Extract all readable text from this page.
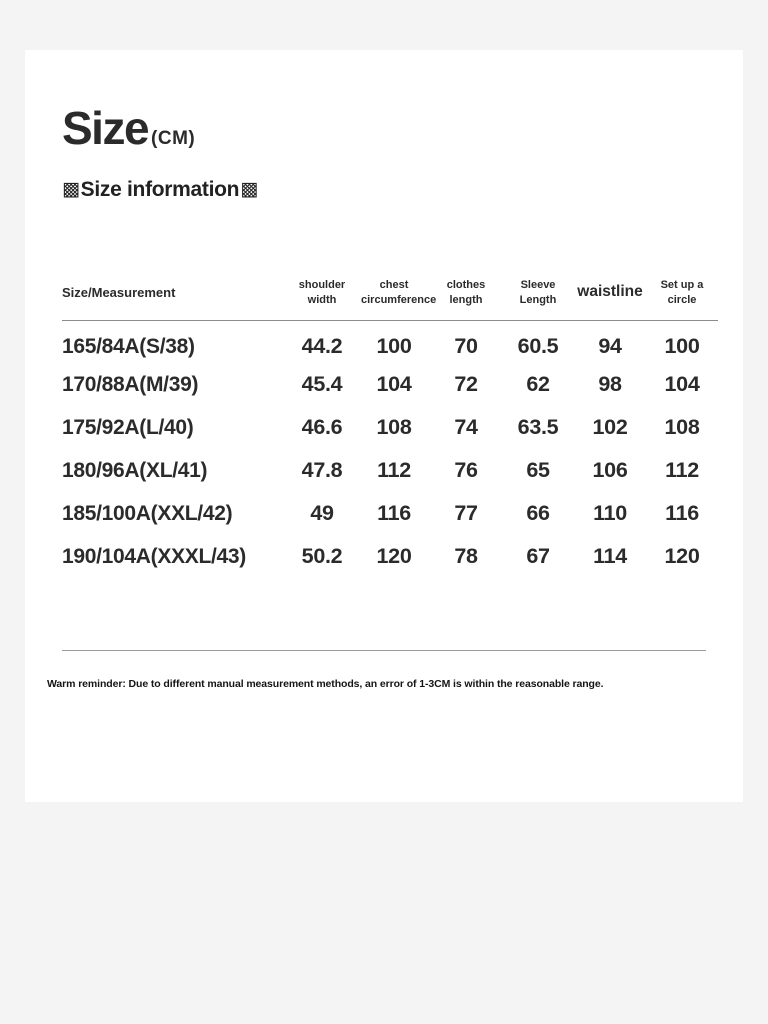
Size (CM)
▩ Size information ▩
Size/Measurement	shoulder width	chest circumference	clothes length	Sleeve Length	waistline	Set up a circle
165/84A(S/38)	44.2	100	70	60.5	94	100
170/88A(M/39)	45.4	104	72	62	98	104
175/92A(L/40)	46.6	108	74	63.5	102	108
180/96A(XL/41)	47.8	112	76	65	106	112
185/100A(XXL/42)	49	116	77	66	110	116
190/104A(XXXL/43)	50.2	120	78	67	114	120
Warm reminder: Due to different manual measurement methods, an error of 1-3CM is within the reasonable range.
